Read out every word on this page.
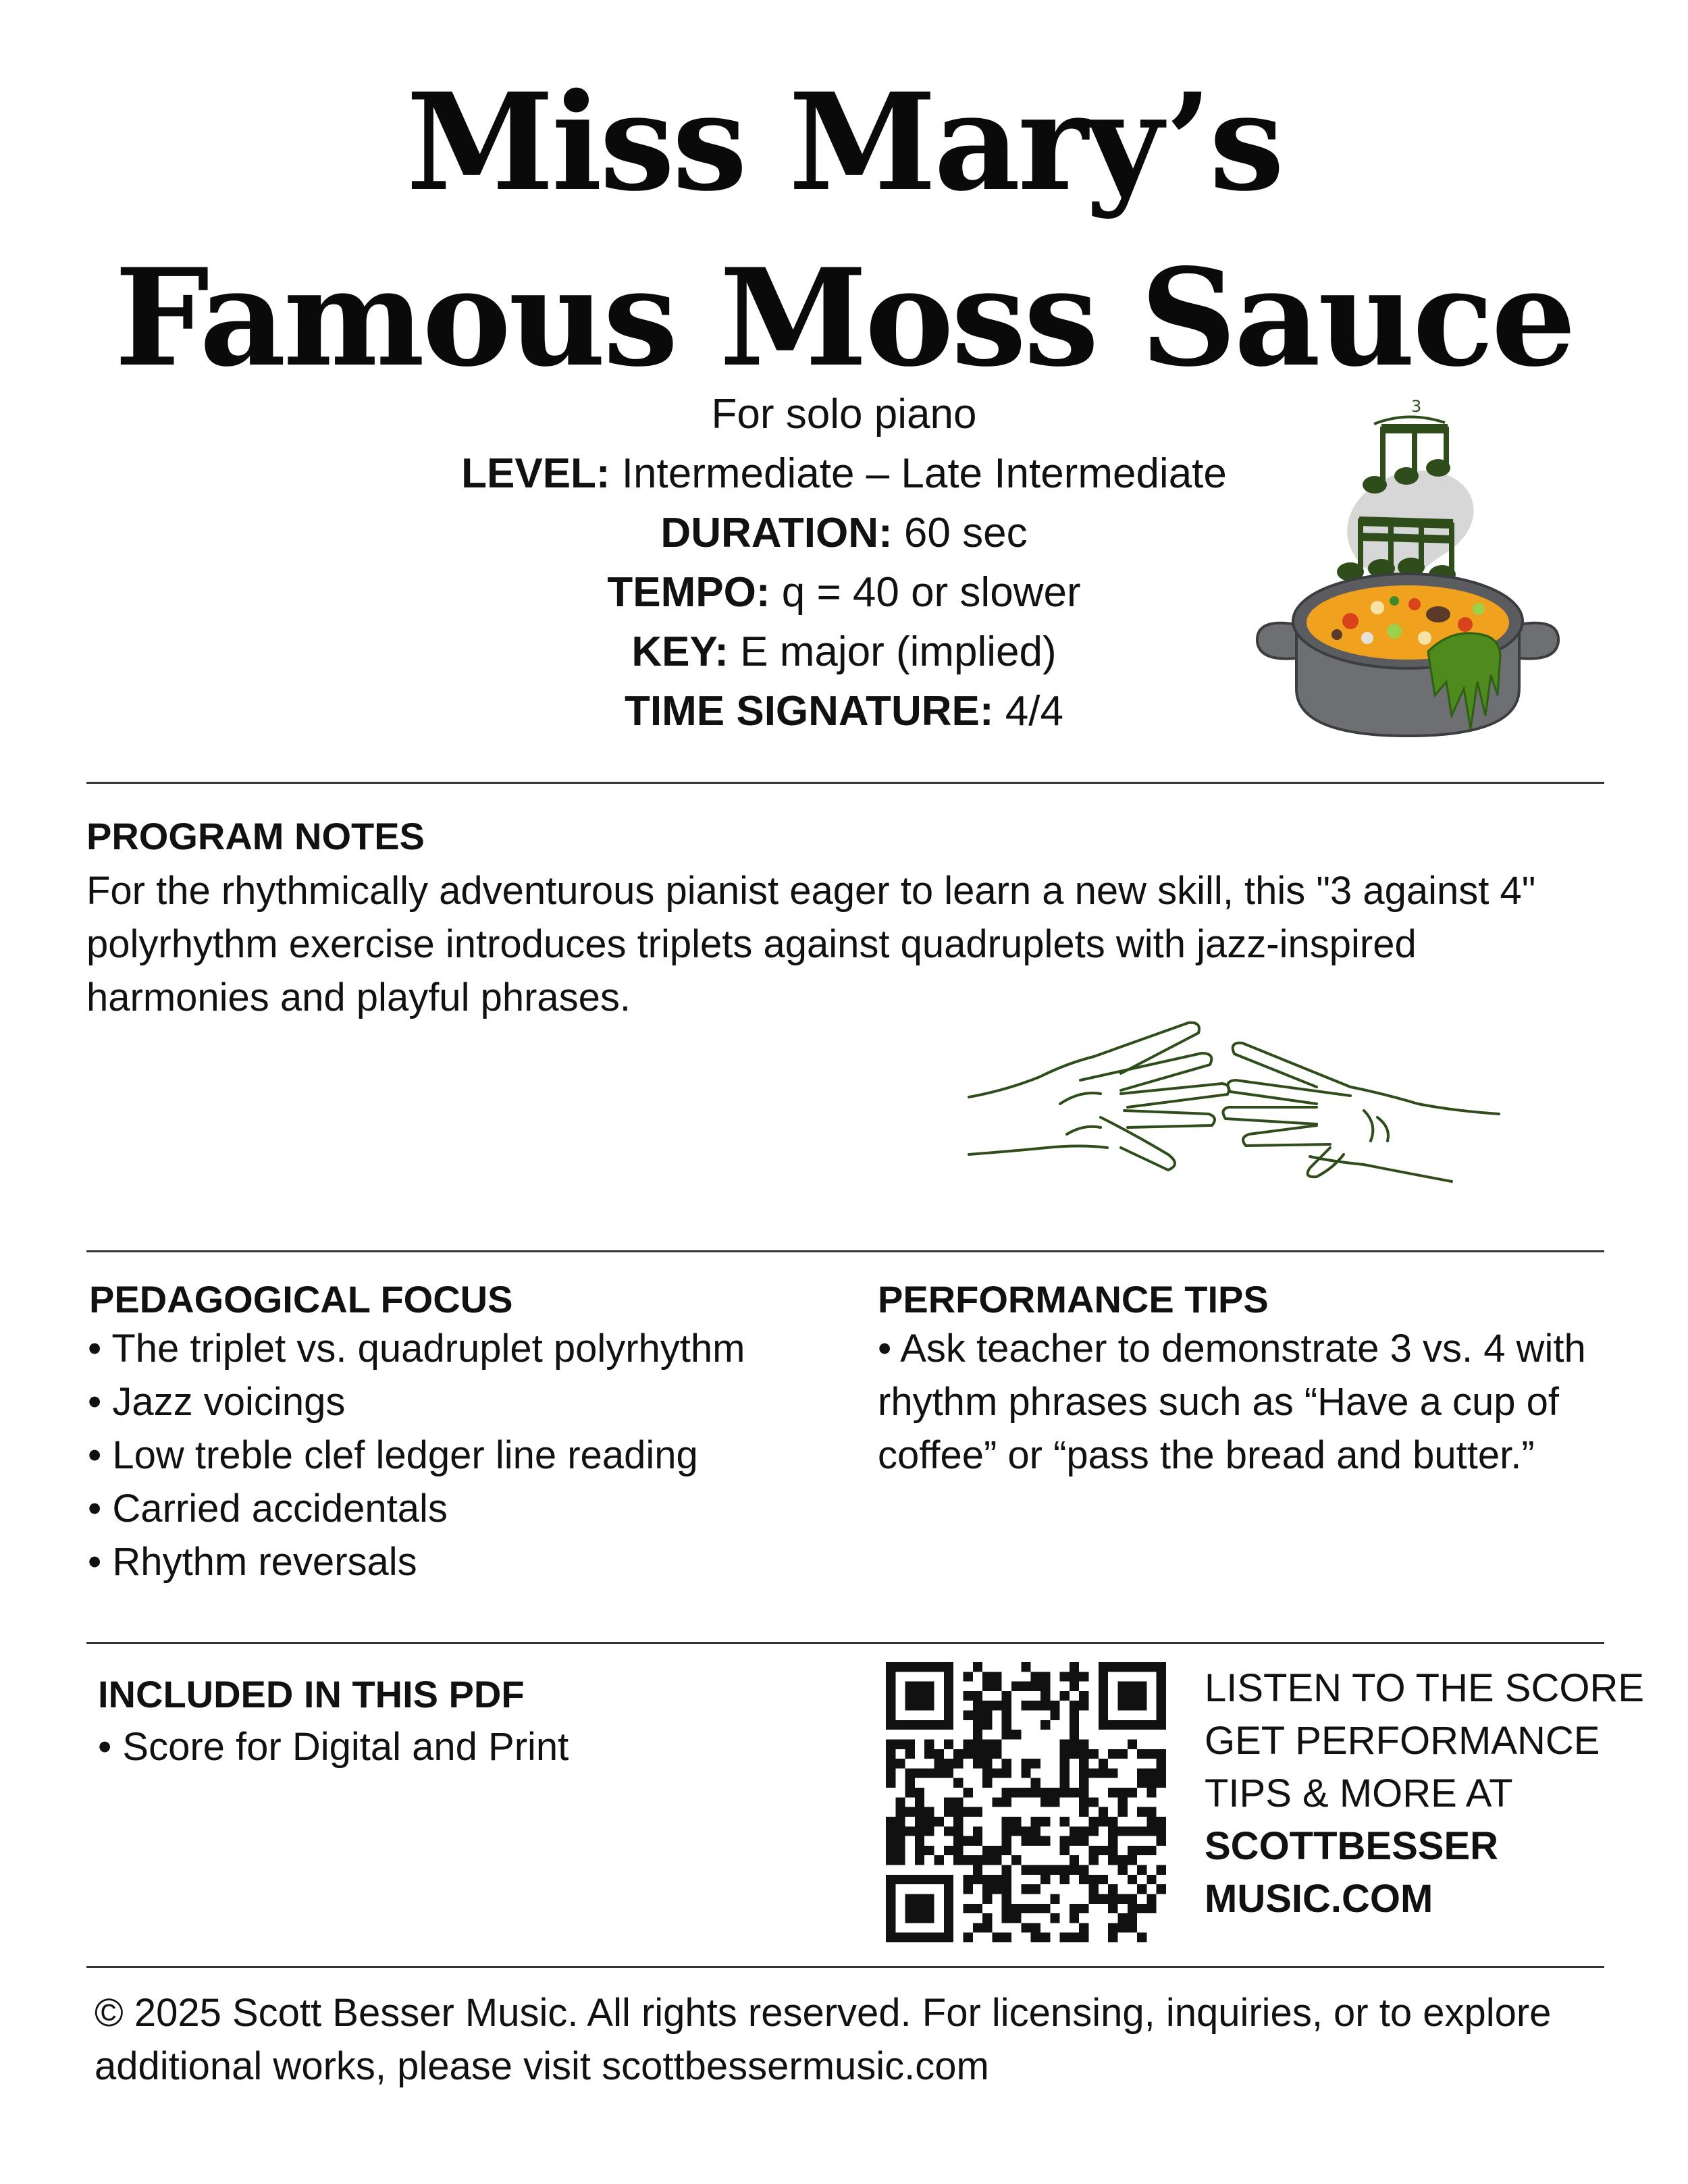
Miss Mary’s
Famous Moss Sauce
For solo piano
LEVEL: Intermediate – Late Intermediate
DURATION: 60 sec
TEMPO: q = 40 or slower
KEY: E major (implied)
TIME SIGNATURE: 4/4
3
PROGRAM NOTES
For the rhythmically adventurous pianist eager to learn a new skill, this "3 against 4" polyrhythm exercise introduces triplets against quadruplets with jazz-inspired harmonies and playful phrases.
PEDAGOGICAL FOCUS
• The triplet vs. quadruplet polyrhythm
• Jazz voicings
• Low treble clef ledger line reading
• Carried accidentals
• Rhythm reversals
PERFORMANCE TIPS
• Ask teacher to demonstrate 3 vs. 4 with rhythm phrases such as “Have a cup of coffee” or “pass the bread and butter.”
INCLUDED IN THIS PDF
• Score for Digital and Print
LISTEN TO THE SCORE
GET PERFORMANCE
TIPS & MORE AT
SCOTTBESSER
MUSIC.COM
© 2025 Scott Besser Music. All rights reserved. For licensing, inquiries, or to explore additional works, please visit scottbessermusic.com
